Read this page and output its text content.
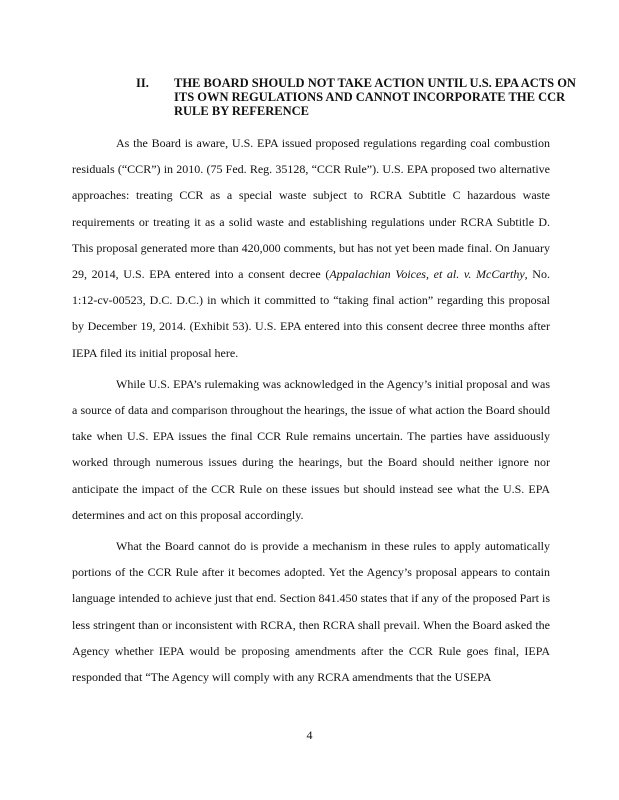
II.	THE BOARD SHOULD NOT TAKE ACTION UNTIL U.S. EPA ACTS ON ITS OWN REGULATIONS AND CANNOT INCORPORATE THE CCR RULE BY REFERENCE

As the Board is aware, U.S. EPA issued proposed regulations regarding coal combustion residuals (“CCR”) in 2010. (75 Fed. Reg. 35128, “CCR Rule”). U.S. EPA proposed two alternative approaches: treating CCR as a special waste subject to RCRA Subtitle C hazardous waste requirements or treating it as a solid waste and establishing regulations under RCRA Subtitle D. This proposal generated more than 420,000 comments, but has not yet been made final. On January 29, 2014, U.S. EPA entered into a consent decree (Appalachian Voices, et al. v. McCarthy, No. 1:12-cv-00523, D.C. D.C.) in which it committed to “taking final action” regarding this proposal by December 19, 2014. (Exhibit 53). U.S. EPA entered into this consent decree three months after IEPA filed its initial proposal here.

While U.S. EPA’s rulemaking was acknowledged in the Agency’s initial proposal and was a source of data and comparison throughout the hearings, the issue of what action the Board should take when U.S. EPA issues the final CCR Rule remains uncertain. The parties have assiduously worked through numerous issues during the hearings, but the Board should neither ignore nor anticipate the impact of the CCR Rule on these issues but should instead see what the U.S. EPA determines and act on this proposal accordingly.

What the Board cannot do is provide a mechanism in these rules to apply automatically portions of the CCR Rule after it becomes adopted. Yet the Agency’s proposal appears to contain language intended to achieve just that end. Section 841.450 states that if any of the proposed Part is less stringent than or inconsistent with RCRA, then RCRA shall prevail. When the Board asked the Agency whether IEPA would be proposing amendments after the CCR Rule goes final, IEPA responded that “The Agency will comply with any RCRA amendments that the USEPA

4
